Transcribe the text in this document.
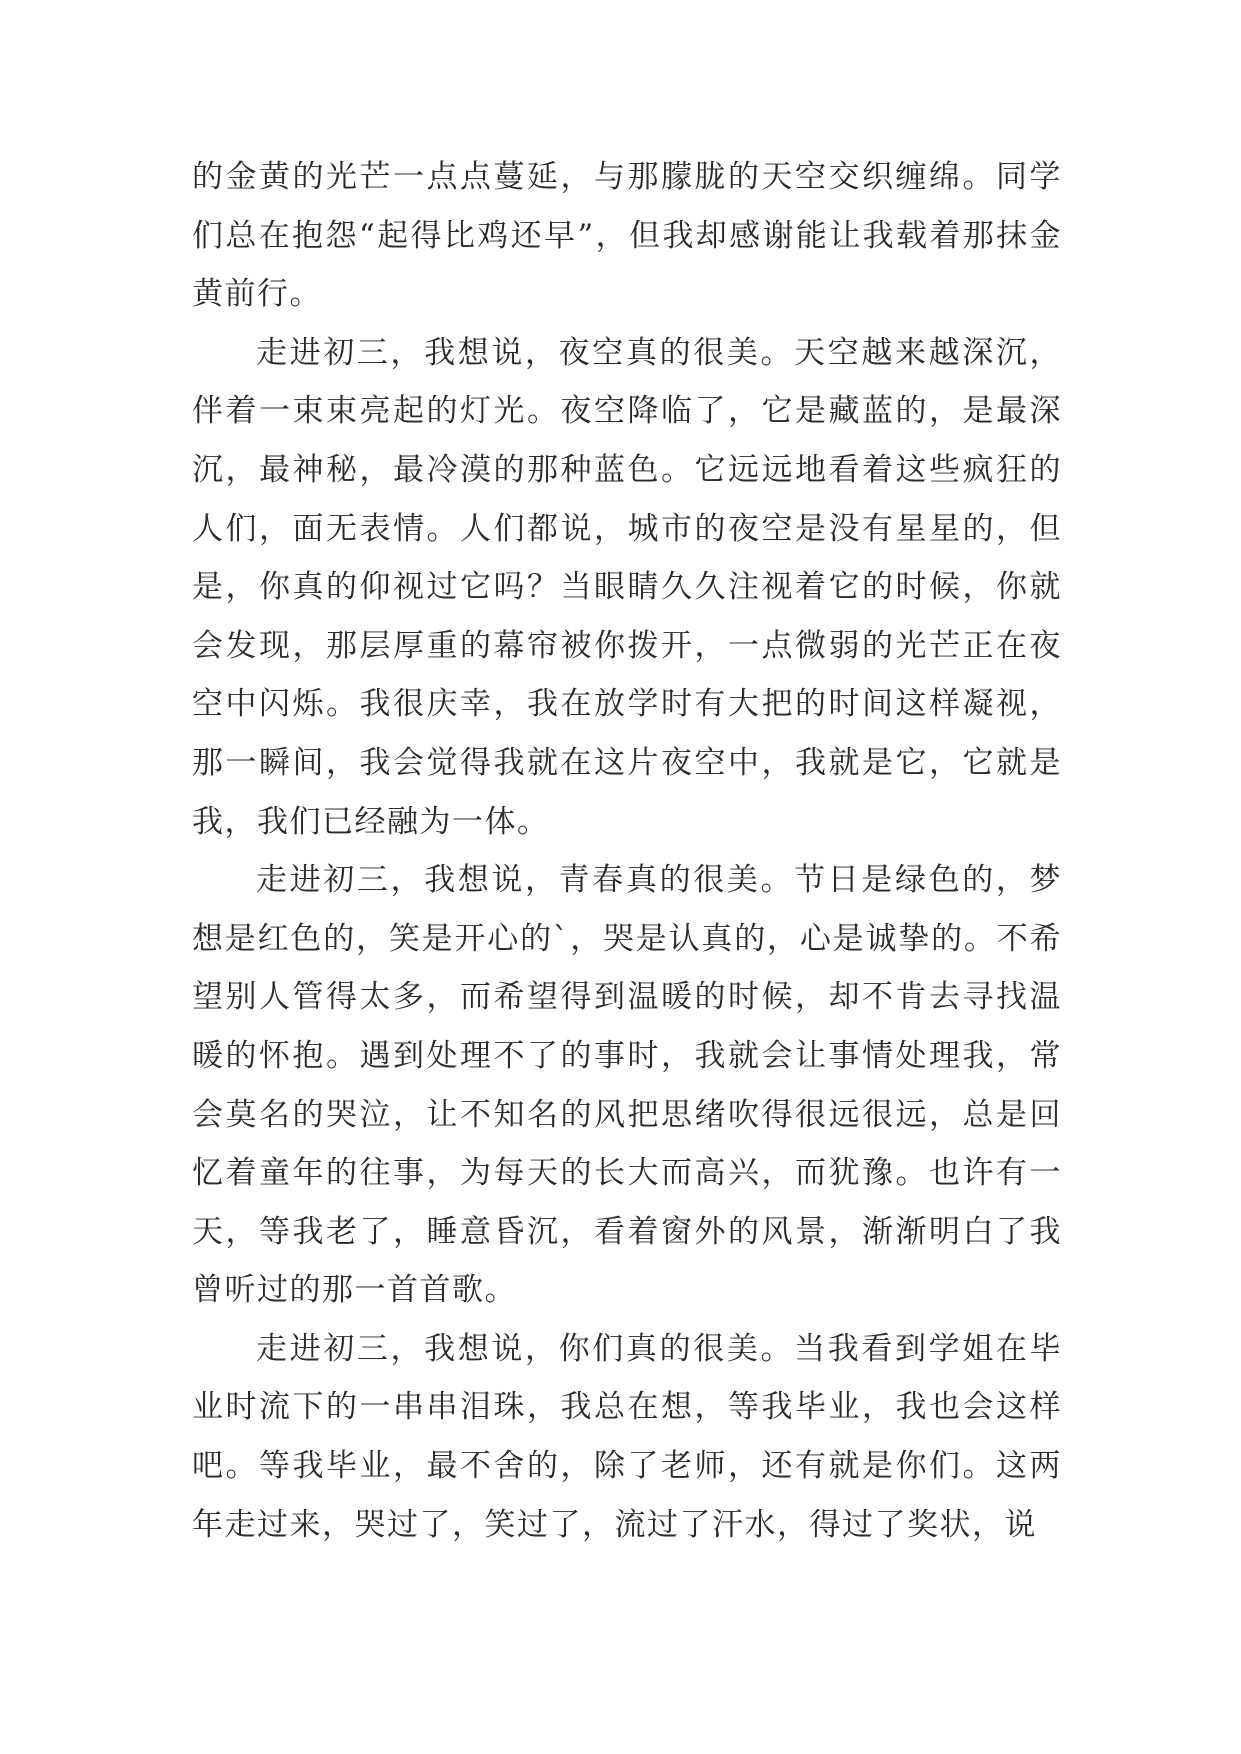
的金黄的光芒一点点蔓延，与那朦胧的天空交织缠绵。同学们总在抱怨“起得比鸡还早”，但我却感谢能让我载着那抹金黄前行。

走进初三，我想说，夜空真的很美。天空越来越深沉，伴着一束束亮起的灯光。夜空降临了，它是藏蓝的，是最深沉，最神秘，最冷漠的那种蓝色。它远远地看着这些疯狂的人们，面无表情。人们都说，城市的夜空是没有星星的，但是，你真的仰视过它吗？当眼睛久久注视着它的时候，你就会发现，那层厚重的幕帘被你拨开，一点微弱的光芒正在夜空中闪烁。我很庆幸，我在放学时有大把的时间这样凝视，那一瞬间，我会觉得我就在这片夜空中，我就是它，它就是我，我们已经融为一体。

走进初三，我想说，青春真的很美。节日是绿色的，梦想是红色的，笑是开心的`，哭是认真的，心是诚挚的。不希望别人管得太多，而希望得到温暖的时候，却不肯去寻找温暖的怀抱。遇到处理不了的事时，我就会让事情处理我，常会莫名的哭泣，让不知名的风把思绪吹得很远很远，总是回忆着童年的往事，为每天的长大而高兴，而犹豫。也许有一天，等我老了，睡意昏沉，看着窗外的风景，渐渐明白了我曾听过的那一首首歌。

走进初三，我想说，你们真的很美。当我看到学姐在毕业时流下的一串串泪珠，我总在想，等我毕业，我也会这样吧。等我毕业，最不舍的，除了老师，还有就是你们。这两年走过来，哭过了，笑过了，流过了汗水，得过了奖状，说
